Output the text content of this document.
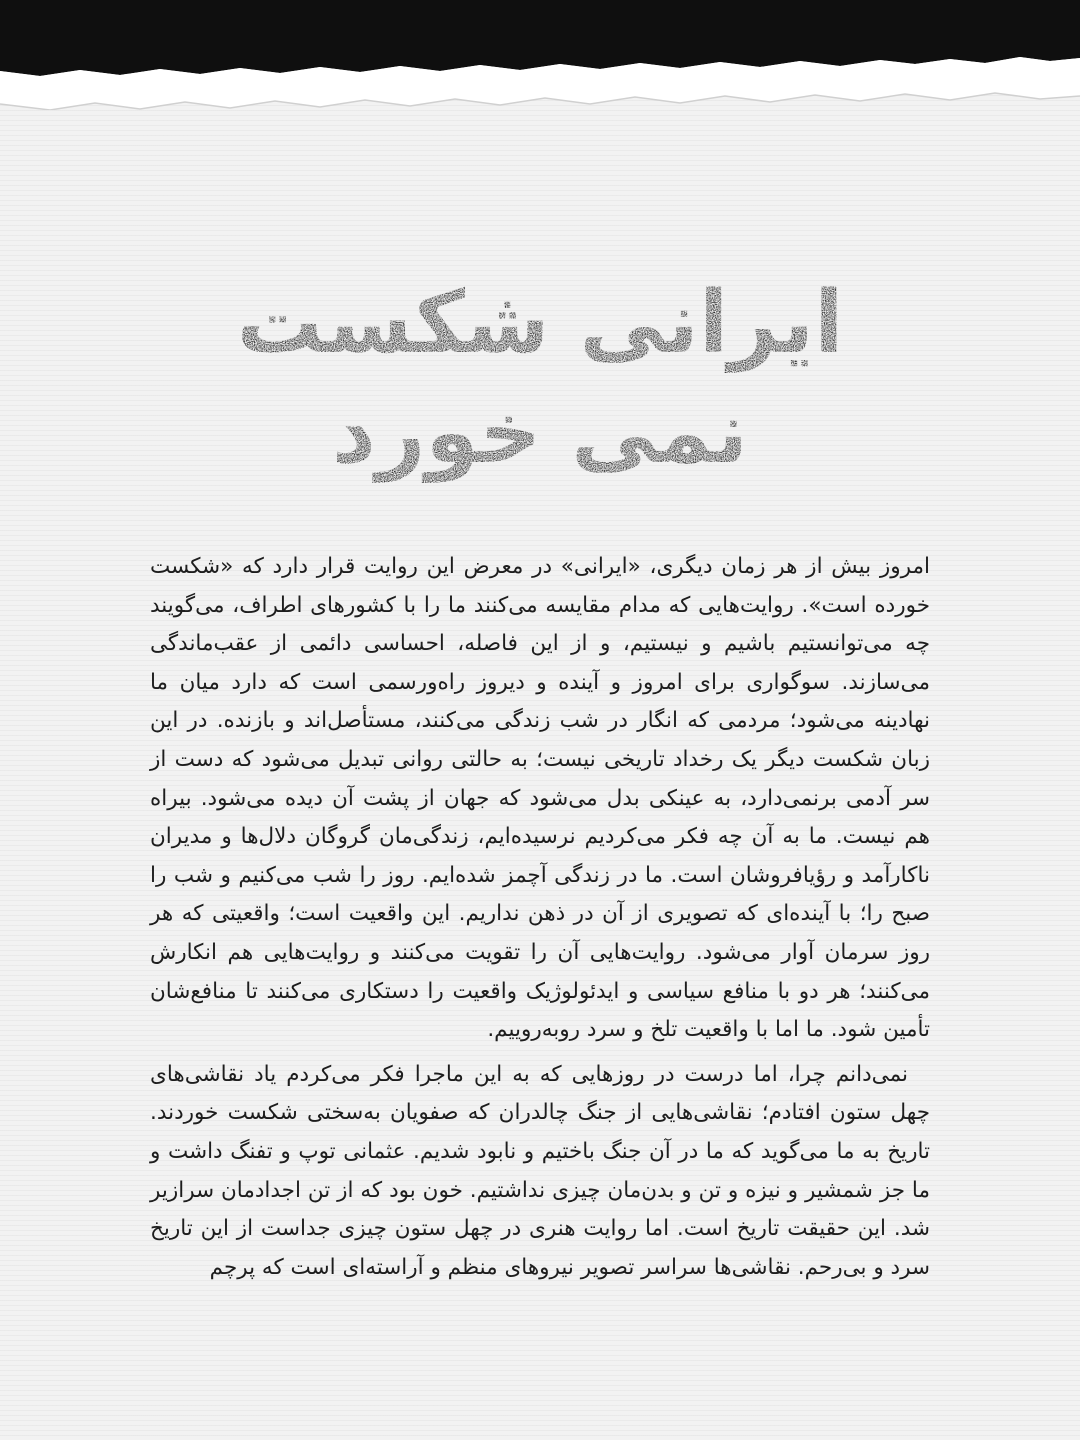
ایرانی شکست نمی خورد

امروز بیش از هر زمان دیگری، «ایرانی» در معرض این روایت قرار دارد که «شکست خورده است». روایت‌هایی که مدام مقایسه می‌کنند ما را با کشورهای اطراف، می‌گویند چه می‌توانستیم باشیم و نیستیم، و از این فاصله، احساسی دائمی از عقب‌ماندگی می‌سازند. سوگواری برای امروز و آینده و دیروز راه‌ورسمی است که دارد میان ما نهادینه می‌شود؛ مردمی که انگار در شب زندگی می‌کنند، مستأصل‌اند و بازنده. در این زبان شکست دیگر یک رخداد تاریخی نیست؛ به حالتی روانی تبدیل می‌شود که دست از سر آدمی برنمی‌دارد، به عینکی بدل می‌شود که جهان از پشت آن دیده می‌شود. بیراه هم نیست. ما به آن چه فکر می‌کردیم نرسیده‌ایم، زندگی‌مان گروگان دلال‌ها و مدیران ناکارآمد و رؤیافروشان است. ما در زندگی آچمز شده‌ایم. روز را شب می‌کنیم و شب را صبح را؛ با آینده‌ای که تصویری از آن در ذهن نداریم. این واقعیت است؛ واقعیتی که هر روز سرمان آوار می‌شود. روایت‌هایی آن را تقویت می‌کنند و روایت‌هایی هم انکارش می‌کنند؛ هر دو با منافع سیاسی و ایدئولوژیک واقعیت را دستکاری می‌کنند تا منافع‌شان تأمین شود. ما اما با واقعیت تلخ و سرد روبه‌روییم.

نمی‌دانم چرا، اما درست در روزهایی که به این ماجرا فکر می‌کردم یاد نقاشی‌های چهل ستون افتادم؛ نقاشی‌هایی از جنگ چالدران که صفویان به‌سختی شکست خوردند. تاریخ به ما می‌گوید که ما در آن جنگ باختیم و نابود شدیم. عثمانی توپ و تفنگ داشت و ما جز شمشیر و نیزه و تن و بدن‌مان چیزی نداشتیم. خون بود که از تن اجدادمان سرازیر شد. این حقیقت تاریخ است. اما روایت هنری در چهل ستون چیزی جداست از این تاریخ سرد و بی‌رحم. نقاشی‌ها سراسر تصویر نیروهای منظم و آراسته‌ای است که پرچم
